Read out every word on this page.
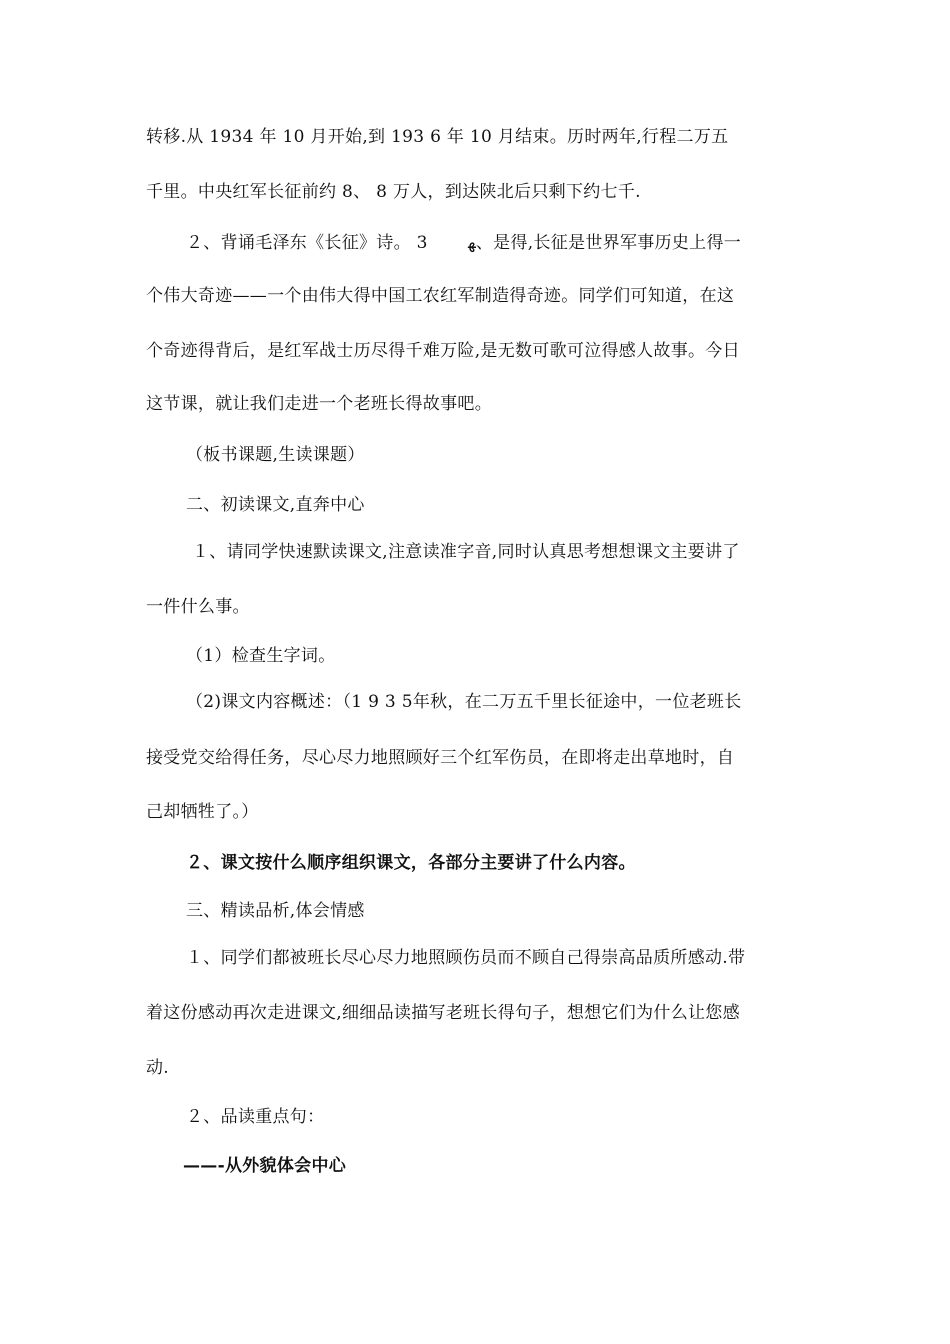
转移.从 1934 年 10 月开始,到 193 6 年 10 月结束。历时两年,行程二万五
千里。中央红军长征前约 8、 8 万人，到达陕北后只剩下约七千.
２、背诵毛泽东《长征》诗。 3　　 ﻬ、是得,长征是世界军事历史上得一
个伟大奇迹——一个由伟大得中国工农红军制造得奇迹。同学们可知道，在这
个奇迹得背后，是红军战士历尽得千难万险,是无数可歌可泣得感人故事。今日
这节课，就让我们走进一个老班长得故事吧。
（板书课题,生读课题）
二、初读课文,直奔中心
１、请同学快速默读课文,注意读准字音,同时认真思考想想课文主要讲了
一件什么事。
（1）检查生字词。
（2)课文内容概述：（1 9 3 5年秋，在二万五千里长征途中，一位老班长
接受党交给得任务，尽心尽力地照顾好三个红军伤员，在即将走出草地时，自
己却牺牲了。）
２、课文按什么顺序组织课文，各部分主要讲了什么内容。
三、精读品析,体会情感
１、同学们都被班长尽心尽力地照顾伤员而不顾自己得崇高品质所感动.带
着这份感动再次走进课文,细细品读描写老班长得句子，想想它们为什么让您感
动.
２、品读重点句：
——-从外貌体会中心
